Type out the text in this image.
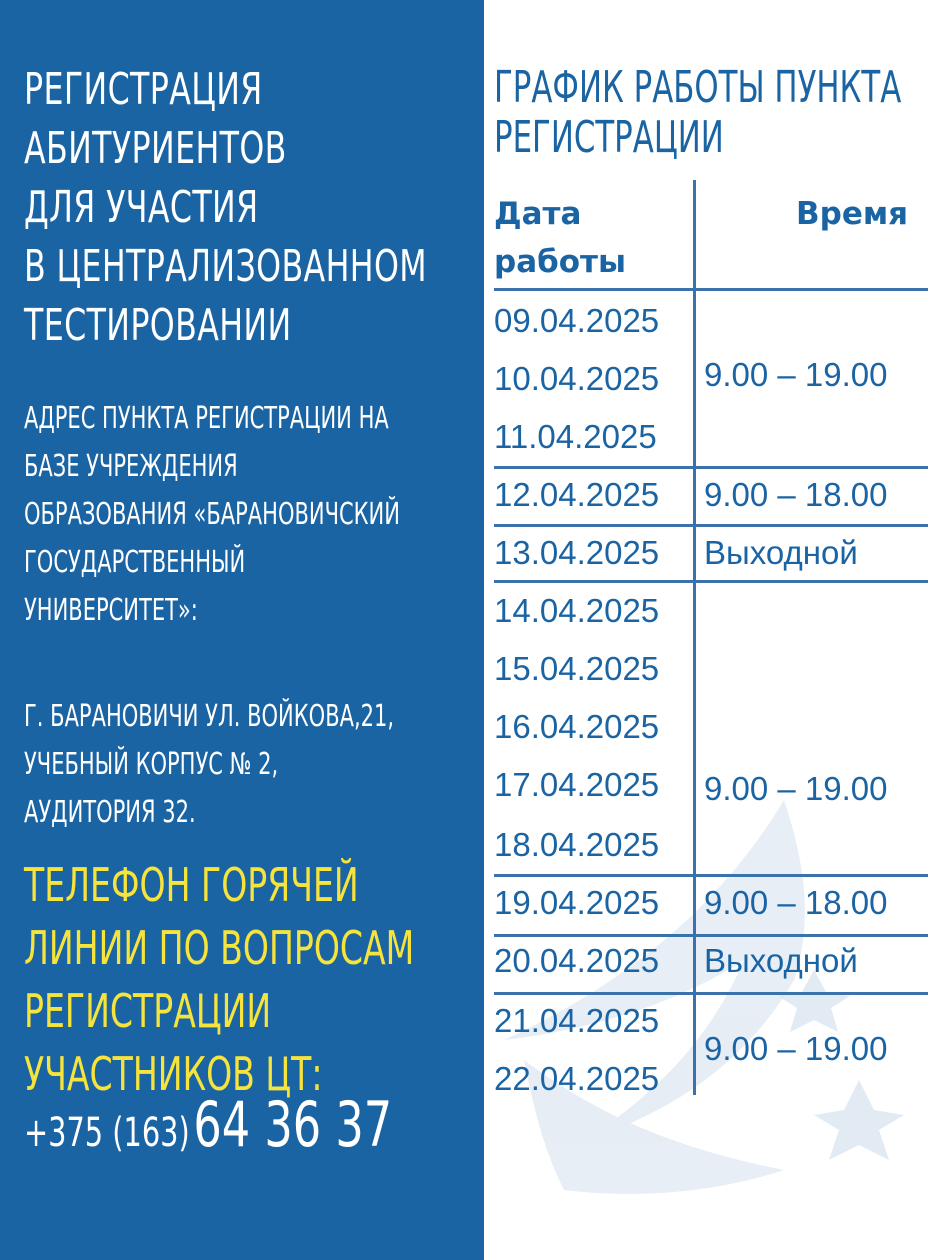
РЕГИСТРАЦИЯ
АБИТУРИЕНТОВ
ДЛЯ УЧАСТИЯ
В ЦЕНТРАЛИЗОВАННОМ
ТЕСТИРОВАНИИ
АДРЕС ПУНКТА РЕГИСТРАЦИИ НА
БАЗЕ УЧРЕЖДЕНИЯ
ОБРАЗОВАНИЯ «БАРАНОВИЧСКИЙ
ГОСУДАРСТВЕННЫЙ
УНИВЕРСИТЕТ»:
Г. БАРАНОВИЧИ УЛ. ВОЙКОВА,21,
УЧЕБНЫЙ КОРПУС № 2,
АУДИТОРИЯ 32.
ТЕЛЕФОН ГОРЯЧЕЙ
ЛИНИИ ПО ВОПРОСАМ
РЕГИСТРАЦИИ
УЧАСТНИКОВ ЦТ:
+375 (163) 64 36 37
ГРАФИК РАБОТЫ ПУНКТА
РЕГИСТРАЦИИ
Дата
работы
Время
09.04.2025
10.04.2025
11.04.2025
12.04.2025
13.04.2025
14.04.2025
15.04.2025
16.04.2025
17.04.2025
18.04.2025
19.04.2025
20.04.2025
21.04.2025
22.04.2025
9.00 – 19.00
9.00 – 18.00
Выходной
9.00 – 19.00
9.00 – 18.00
Выходной
9.00 – 19.00
